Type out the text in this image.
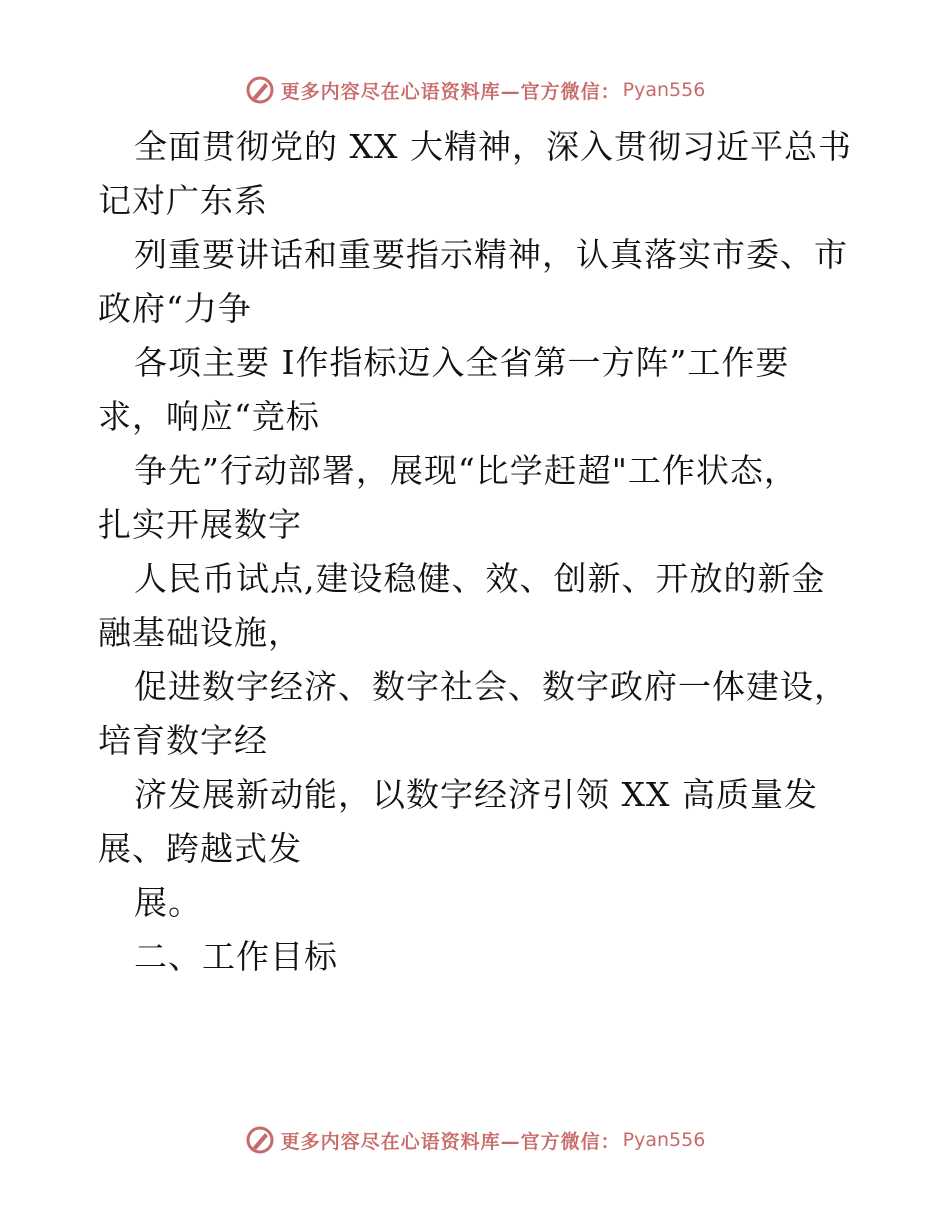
更多内容尽在心语资料库—官方微信： Pyan556
全面贯彻党的 XX 大精神，深入贯彻习近平总书
记对广东系
列重要讲话和重要指示精神，认真落实市委、市
政府“力争
各项主要 I作指标迈入全省第一方阵”工作要
求，响应“竞标
争先”行动部署，展现“比学赶超"工作状态，
扎实开展数字
人民币试点,建设稳健、效、创新、开放的新金
融基础设施，
促进数字经济、数字社会、数字政府一体建设，
培育数字经
济发展新动能，以数字经济引领 XX 高质量发
展、跨越式发
展。
二、工作目标
更多内容尽在心语资料库—官方微信： Pyan556
